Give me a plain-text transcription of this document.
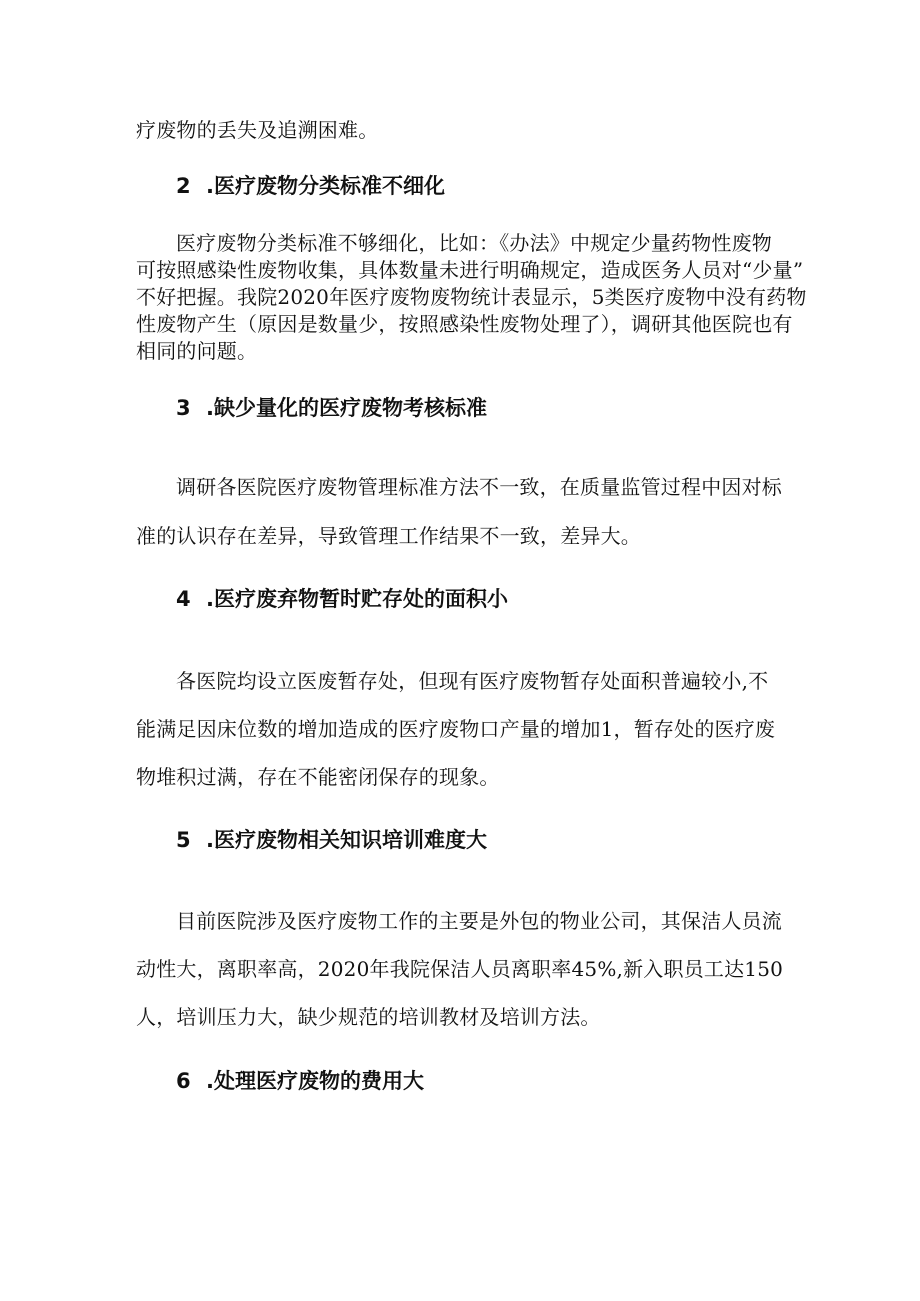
疗废物的丢失及追溯困难。
2 .医疗废物分类标准不细化
医疗废物分类标准不够细化，比如：《办法》中规定少量药物性废物
可按照感染性废物收集，具体数量未进行明确规定，造成医务人员对“少量”
不好把握。我院2020年医疗废物废物统计表显示，5类医疗废物中没有药物
性废物产生（原因是数量少，按照感染性废物处理了），调研其他医院也有
相同的问题。
3 .缺少量化的医疗废物考核标准
调研各医院医疗废物管理标准方法不一致，在质量监管过程中因对标
准的认识存在差异，导致管理工作结果不一致，差异大。
4 .医疗废弃物暂时贮存处的面积小
各医院均设立医废暂存处，但现有医疗废物暂存处面积普遍较小,不
能满足因床位数的增加造成的医疗废物口产量的增加1，暂存处的医疗废
物堆积过满，存在不能密闭保存的现象。
5 .医疗废物相关知识培训难度大
目前医院涉及医疗废物工作的主要是外包的物业公司，其保洁人员流
动性大，离职率高，2020年我院保洁人员离职率45%,新入职员工达150
人，培训压力大，缺少规范的培训教材及培训方法。
6 .处理医疗废物的费用大
